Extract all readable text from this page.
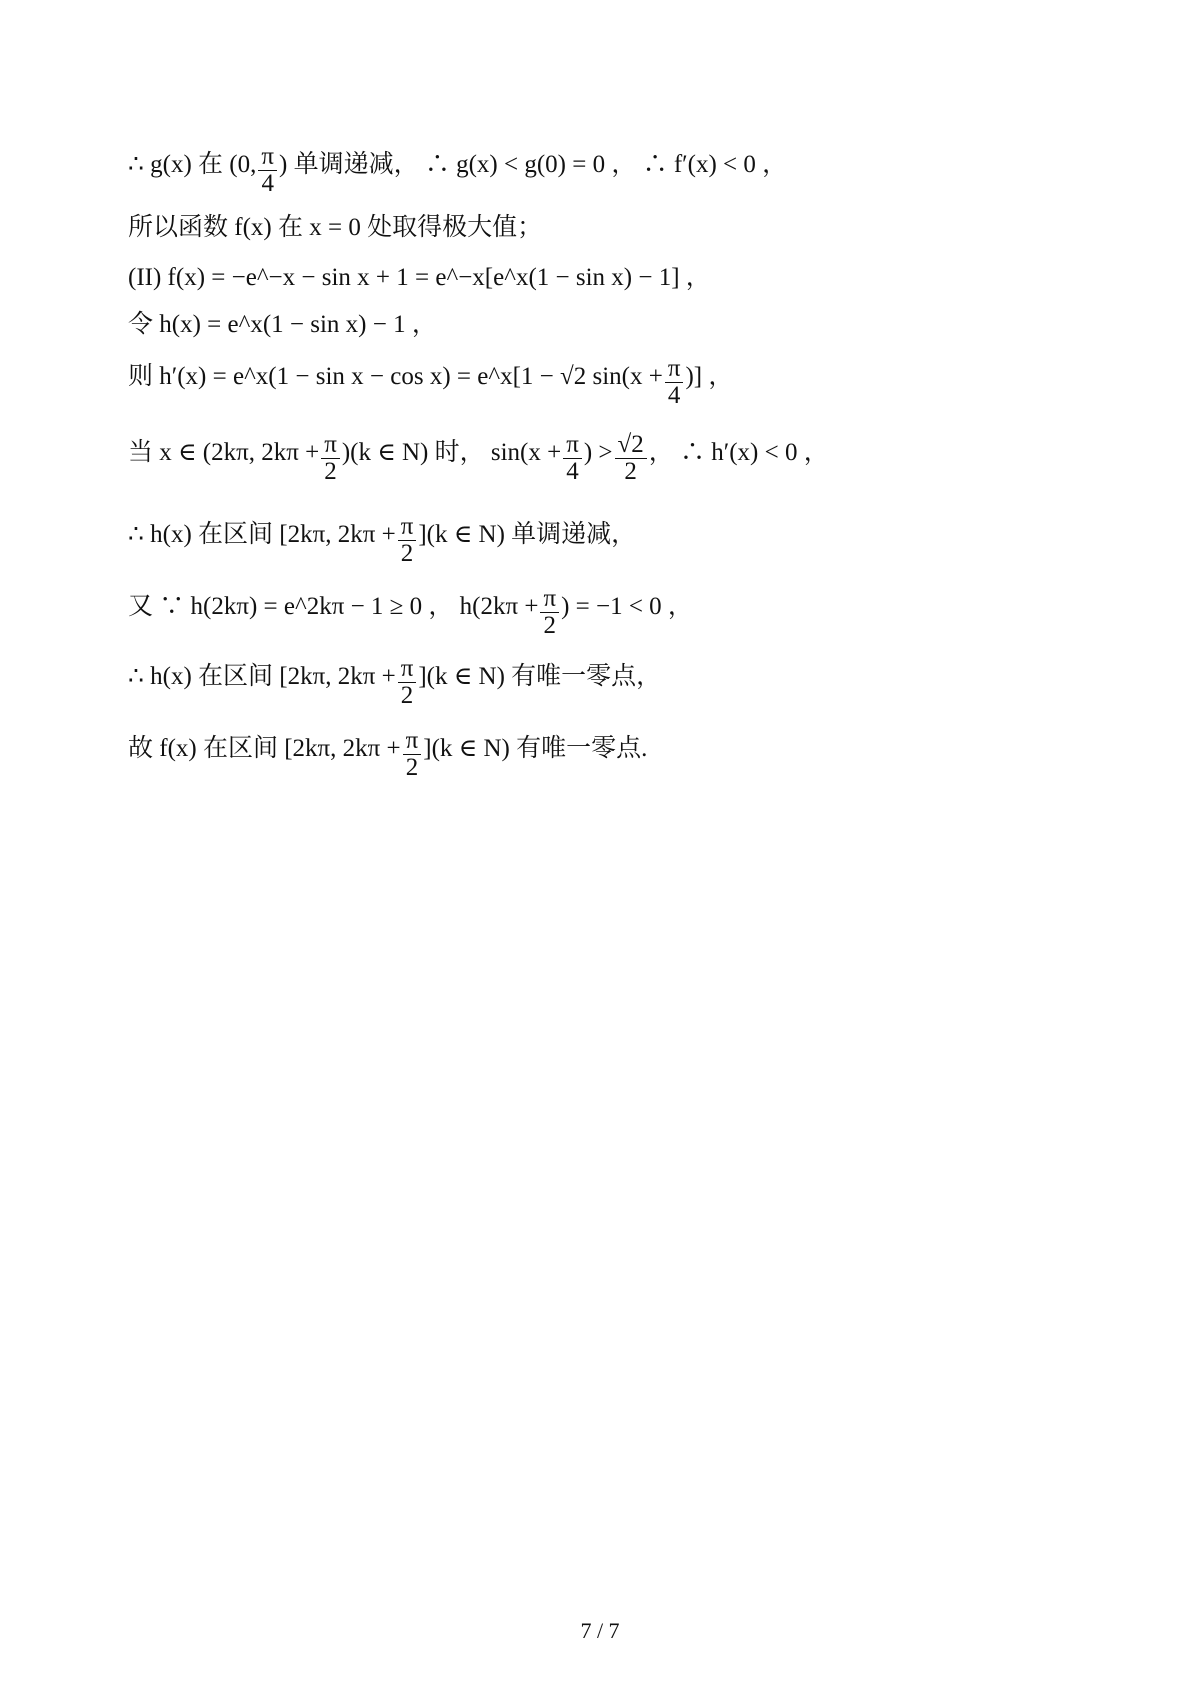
∴ g(x) 在 (0, $\frac{\pi}{4}$ ) 单调递减， ∴ g(x) < g(0) = 0 ， ∴ f′(x) < 0 ，
所以函数 f(x) 在 x = 0 处取得极大值；
(II) f(x) = −e^−x − sin x + 1 = e^−x[e^x(1 − sin x) − 1] ，
令 h(x) = e^x(1 − sin x) − 1 ，
则 h′(x) = e^x(1 − sin x − cos x) = e^x[1 − √2 $\sin(x + \frac{\pi}{4}$ )] ，
当 x ∈ (2kπ, $2k\pi + \frac{\pi}{2} )(k$ ∈ N) 时， $\sin(x + \frac{\pi}{4}$ ) > $\frac{√2}{2}$ ， ∴ h′(x) < 0 ，
∴ h(x) 在区间 [2kπ, $2k\pi + \frac{\pi}{2} ](k$ ∈ N) 单调递减，
又 ∵ h(2kπ) = e^2kπ − 1 ≥ 0 ， $h(2k\pi + \frac{\pi}{2}$ ) = −1 < 0 ，
∴ h(x) 在区间 [2kπ, $2k\pi + \frac{\pi}{2} ](k$ ∈ N) 有唯一零点，
故 f(x) 在区间 [2kπ, $2k\pi + \frac{\pi}{2} ](k$ ∈ N) 有唯一零点.
7 / 7
